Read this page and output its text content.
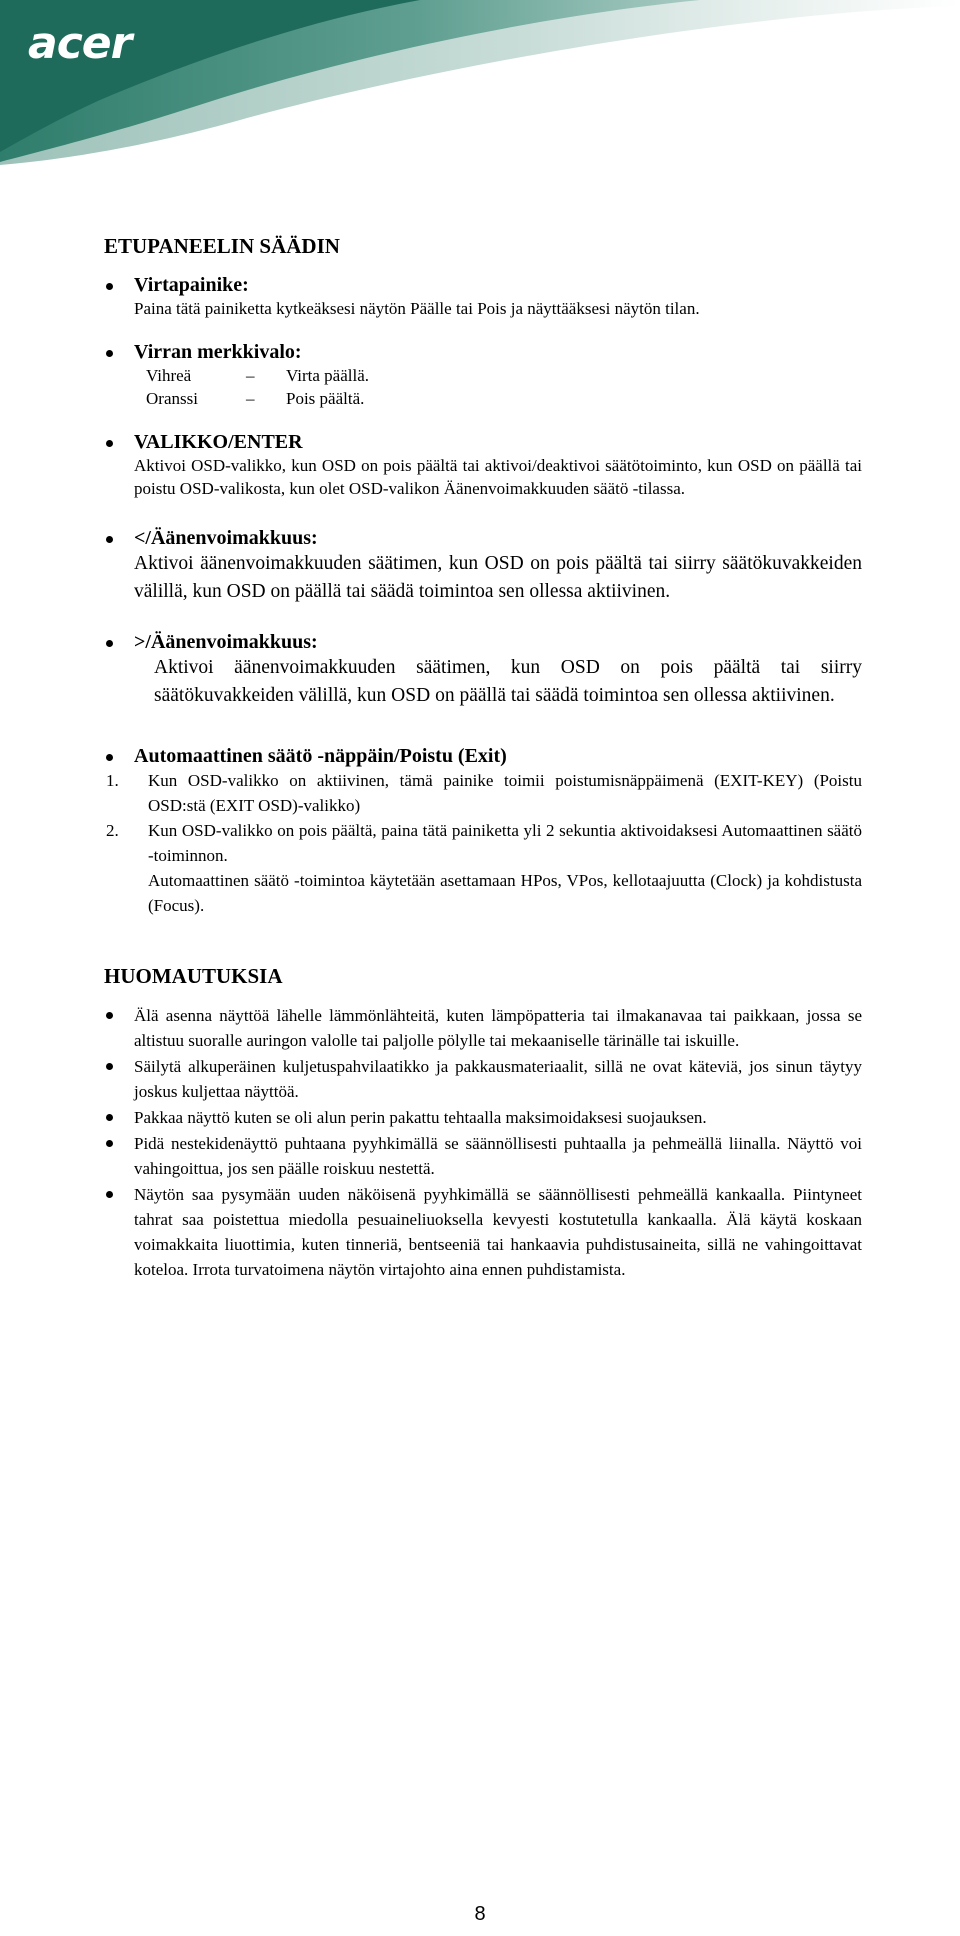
acer
ETUPANEELIN SÄÄDIN
Virtapainike:
Paina tätä painiketta kytkeäksesi näytön Päälle tai Pois ja näyttääksesi näytön tilan.
Virran merkkivalo:
Vihreä	– Virta päällä.
Oranssi	– Pois päältä.
VALIKKO/ENTER
Aktivoi OSD-valikko, kun OSD on pois päältä tai aktivoi/deaktivoi säätötoiminto, kun OSD on päällä tai poistu OSD-valikosta, kun olet OSD-valikon Äänenvoimakkuuden säätö -tilassa.
</Äänenvoimakkuus:
Aktivoi äänenvoimakkuuden säätimen, kun OSD on pois päältä tai siirry säätökuvakkeiden välillä, kun OSD on päällä tai säädä toimintoa sen ollessa aktiivinen.
>/Äänenvoimakkuus:
Aktivoi äänenvoimakkuuden säätimen, kun OSD on pois päältä tai siirry säätökuvakkeiden välillä, kun OSD on päällä tai säädä toimintoa sen ollessa aktiivinen.
Automaattinen säätö -näppäin/Poistu (Exit)
1. Kun OSD-valikko on aktiivinen, tämä painike toimii poistumisnäppäimenä (EXIT-KEY) (Poistu OSD:stä (EXIT OSD)-valikko)
2. Kun OSD-valikko on pois päältä, paina tätä painiketta yli 2 sekuntia aktivoidaksesi Automaattinen säätö -toiminnon.
Automaattinen säätö -toimintoa käytetään asettamaan HPos, VPos, kellotaajuutta (Clock) ja kohdistusta (Focus).
HUOMAUTUKSIA
Älä asenna näyttöä lähelle lämmönlähteitä, kuten lämpöpatteria tai ilmakanavaa tai paikkaan, jossa se altistuu suoralle auringon valolle tai paljolle pölylle tai mekaaniselle tärinälle tai iskuille.
Säilytä alkuperäinen kuljetuspahvilaatikko ja pakkausmateriaalit, sillä ne ovat käteviä, jos sinun täytyy joskus kuljettaa näyttöä.
Pakkaa näyttö kuten se oli alun perin pakattu tehtaalla maksimoidaksesi suojauksen.
Pidä nestekidenäyttö puhtaana pyyhkimällä se säännöllisesti puhtaalla ja pehmeällä liinalla. Näyttö voi vahingoittua, jos sen päälle roiskuu nestettä.
Näytön saa pysymään uuden näköisenä pyyhkimällä se säännöllisesti pehmeällä kankaalla. Piintyneet tahrat saa poistettua miedolla pesuaineliuoksella kevyesti kostutetulla kankaalla. Älä käytä koskaan voimakkaita liuottimia, kuten tinneriä, bentseeniä tai hankaavia puhdistusaineita, sillä ne vahingoittavat koteloa. Irrota turvatoimena näytön virtajohto aina ennen puhdistamista.
8
